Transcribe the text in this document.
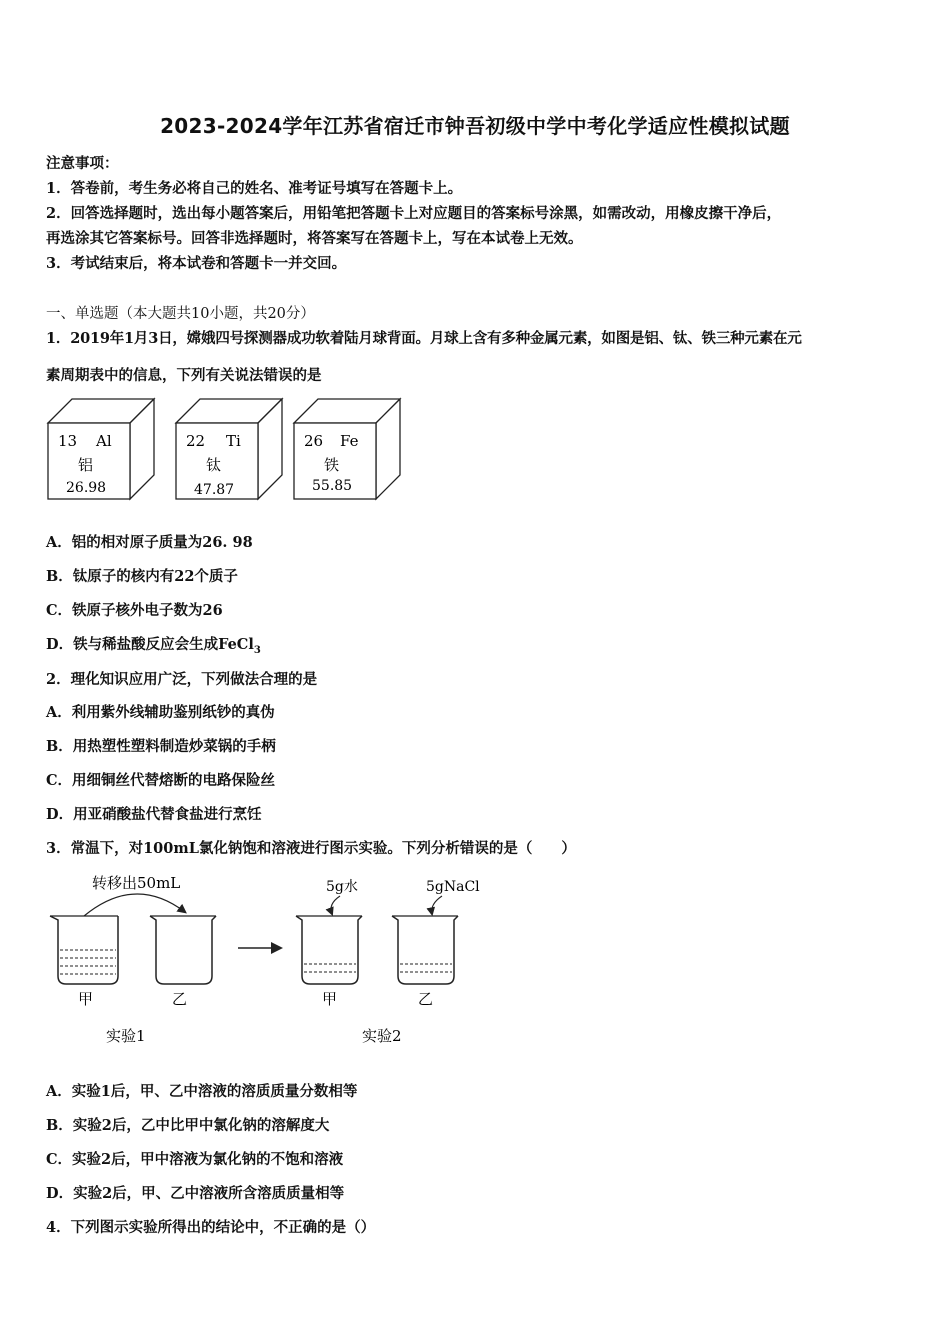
2023-2024学年江苏省宿迁市钟吾初级中学中考化学适应性模拟试题
注意事项：
1．答卷前，考生务必将自己的姓名、准考证号填写在答题卡上。
2．回答选择题时，选出每小题答案后，用铅笔把答题卡上对应题目的答案标号涂黑，如需改动，用橡皮擦干净后，
再选涂其它答案标号。回答非选择题时，将答案写在答题卡上，写在本试卷上无效。
3．考试结束后，将本试卷和答题卡一并交回。
一、单选题（本大题共10小题，共20分）
1．2019年1月3日，嫦娥四号探测器成功软着陆月球背面。月球上含有多种金属元素，如图是铝、钛、铁三种元素在元
素周期表中的信息，下列有关说法错误的是
13 Al
铝
26.98
22 Ti
钛
47.87
26 Fe
铁
55.85
A．铝的相对原子质量为26. 98
B．钛原子的核内有22个质子
C．铁原子核外电子数为26
D．铁与稀盐酸反应会生成FeCl$_3$
2．理化知识应用广泛，下列做法合理的是
A．利用紫外线辅助鉴别纸钞的真伪
B．用热塑性塑料制造炒菜锅的手柄
C．用细铜丝代替熔断的电路保险丝
D．用亚硝酸盐代替食盐进行烹饪
3．常温下，对100mL氯化钠饱和溶液进行图示实验。下列分析错误的是（　　）
转移出50mL
甲	乙
实验1
5g水	5gNaCl
甲	乙
实验2
A．实验1后，甲、乙中溶液的溶质质量分数相等
B．实验2后，乙中比甲中氯化钠的溶解度大
C．实验2后，甲中溶液为氯化钠的不饱和溶液
D．实验2后，甲、乙中溶液所含溶质质量相等
4．下列图示实验所得出的结论中，不正确的是（）
